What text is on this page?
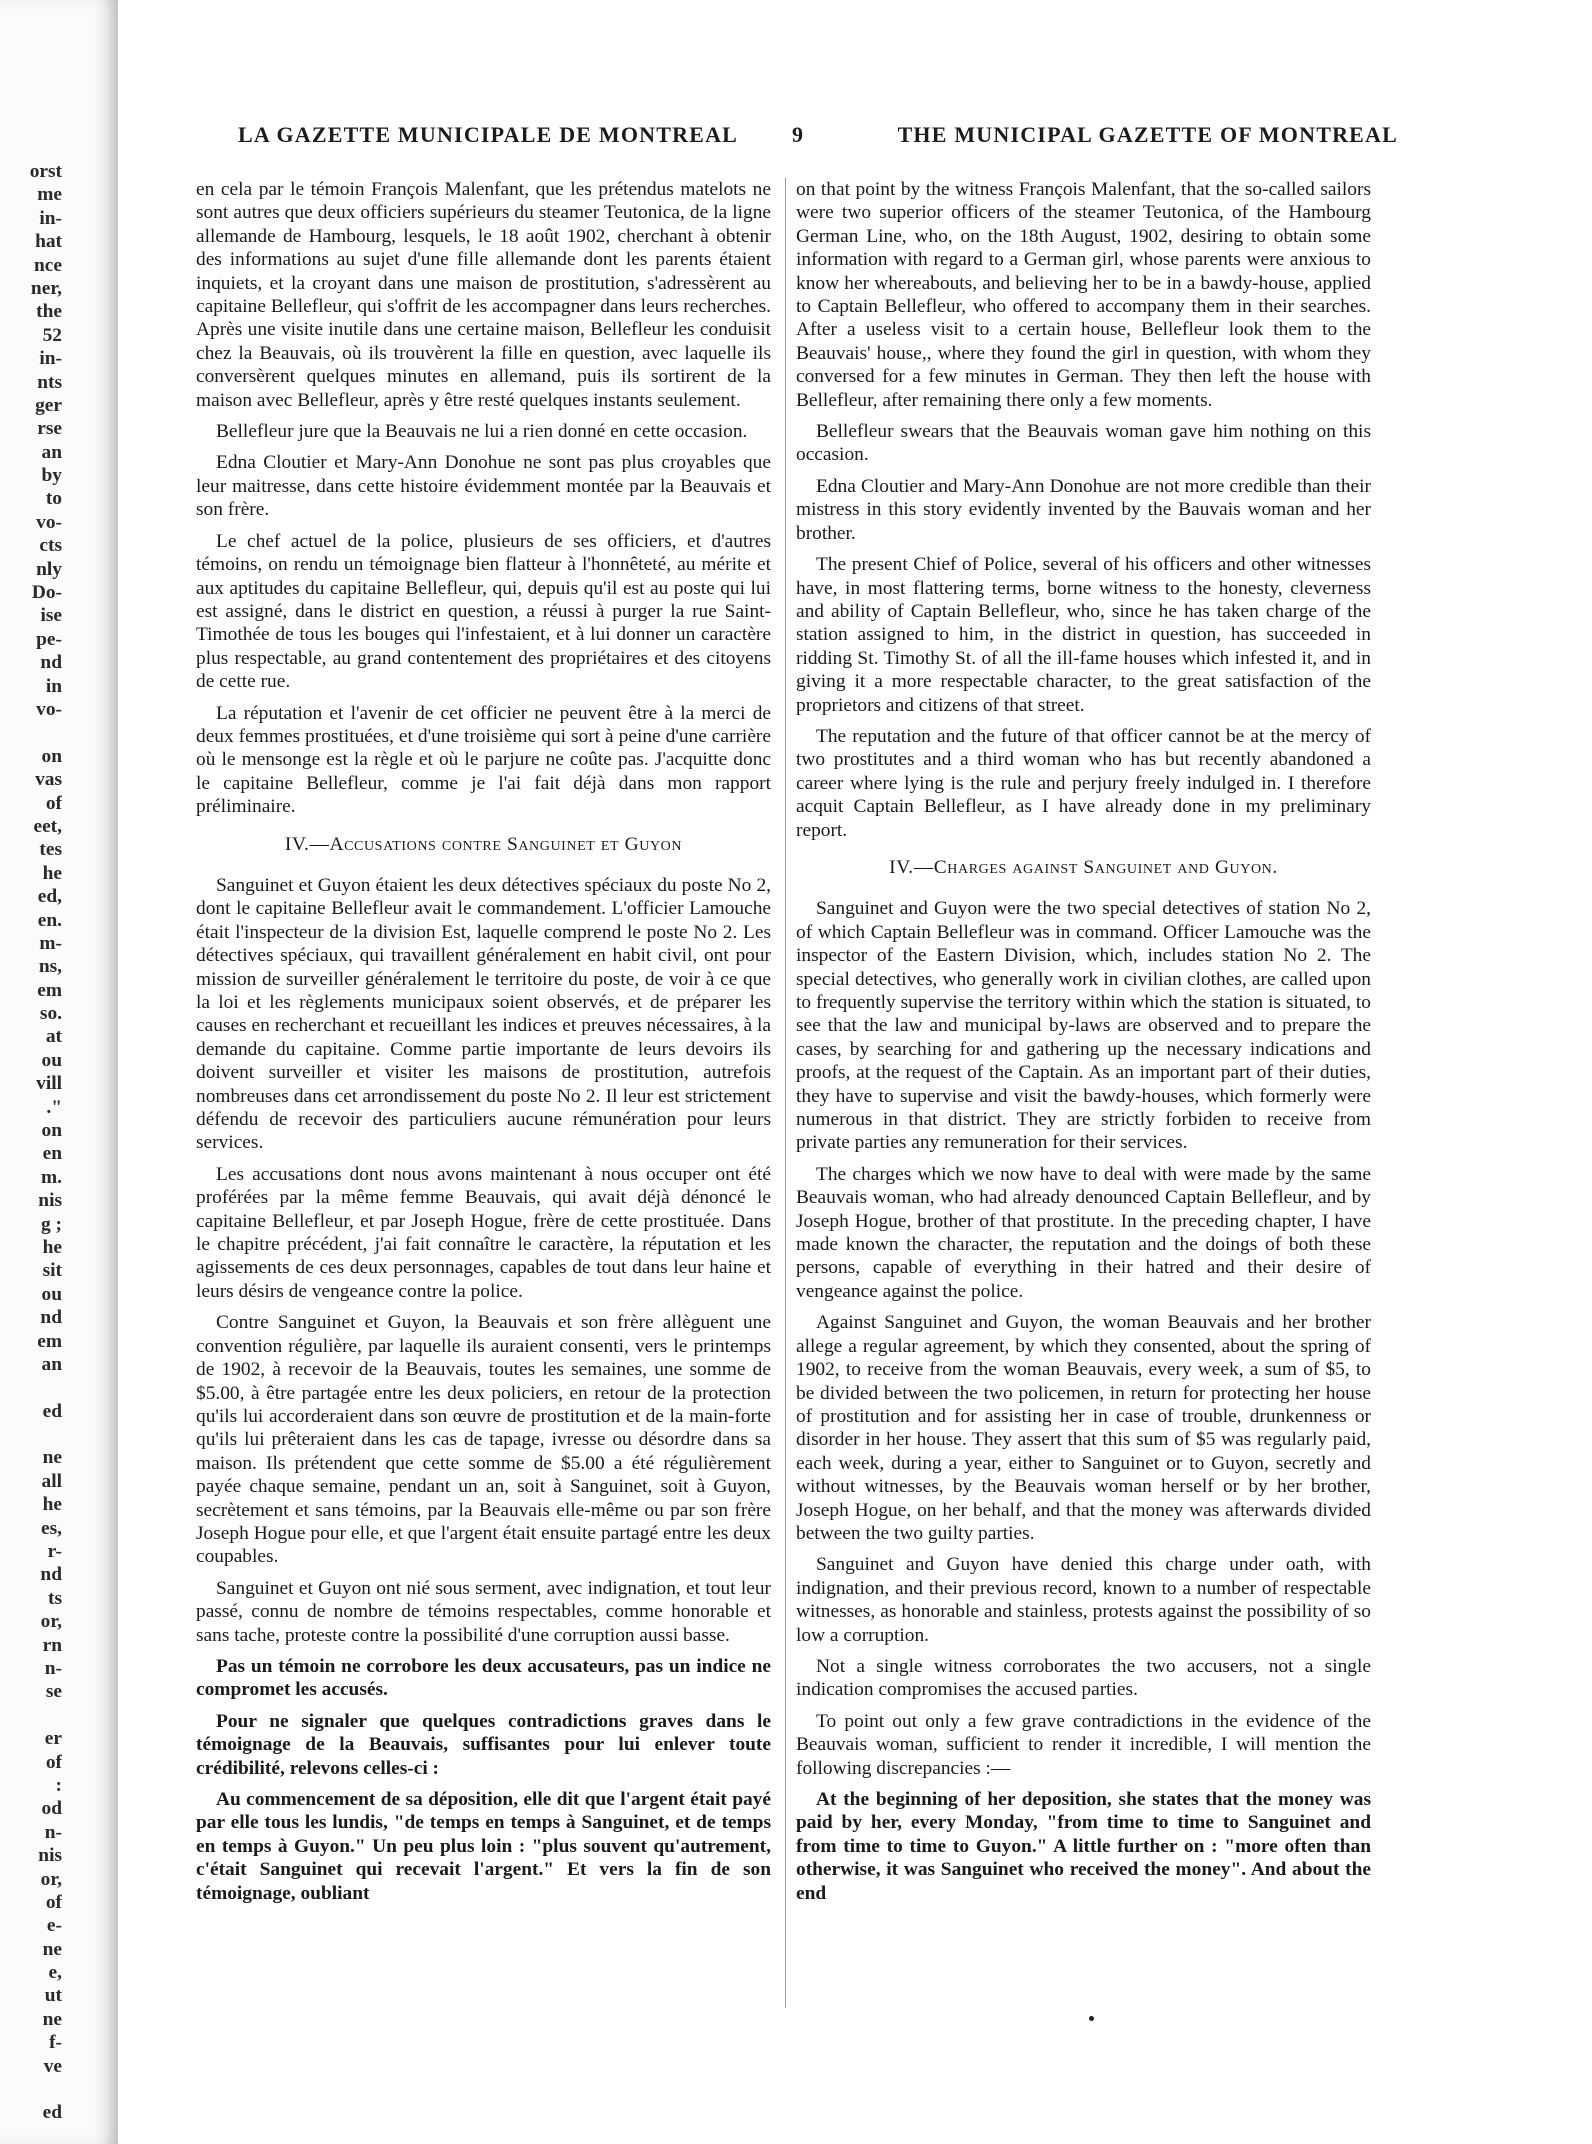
orst
me
in-
hat
nce
ner,
the
52
in-
nts
ger
rse
an
by
to
vo-
cts
nly
Do-
ise
pe-
nd
in
vo-
on
vas
of
eet,
tes
he
ed,
en.
m-
ns,
em
so.
at
ou
vill
."
on
en
m.
nis
g ;
he
sit
ou
nd
em
an
ed
ne
all
he
es,
r-
nd
ts
or,
rn
n-
se
er
of
:
od
n-
nis
or,
of
e-
ne
e,
ut
ne
f-
ve
ed
LA GAZETTE MUNICIPALE DE MONTREAL 9	THE MUNICIPAL GAZETTE OF MONTREAL

en cela par le témoin François Malenfant, que les prétendus matelots ne sont autres que deux officiers supérieurs du steamer Teutonica, de la ligne allemande de Hambourg, lesquels, le 18 août 1902, cherchant à obtenir des informations au sujet d'une fille allemande dont les parents étaient inquiets, et la croyant dans une maison de prostitution, s'adressèrent au capitaine Bellefleur, qui s'offrit de les accompagner dans leurs recherches. Après une visite inutile dans une certaine maison, Bellefleur les conduisit chez la Beauvais, où ils trouvèrent la fille en question, avec laquelle ils conversèrent quelques minutes en allemand, puis ils sortirent de la maison avec Bellefleur, après y être resté quelques instants seulement.

Bellefleur jure que la Beauvais ne lui a rien donné en cette occasion.

Edna Cloutier et Mary-Ann Donohue ne sont pas plus croyables que leur maitresse, dans cette histoire évidemment montée par la Beauvais et son frère.

Le chef actuel de la police, plusieurs de ses officiers, et d'autres témoins, on rendu un témoignage bien flatteur à l'honnêteté, au mérite et aux aptitudes du capitaine Bellefleur, qui, depuis qu'il est au poste qui lui est assigné, dans le district en question, a réussi à purger la rue Saint-Timothée de tous les bouges qui l'infestaient, et à lui donner un caractère plus respectable, au grand contentement des propriétaires et des citoyens de cette rue.

La réputation et l'avenir de cet officier ne peuvent être à la merci de deux femmes prostituées, et d'une troisième qui sort à peine d'une carrière où le mensonge est la règle et où le parjure ne coûte pas. J'acquitte donc le capitaine Bellefleur, comme je l'ai fait déjà dans mon rapport préliminaire.

IV.—Accusations contre Sanguinet et Guyon

Sanguinet et Guyon étaient les deux détectives spéciaux du poste No 2, dont le capitaine Bellefleur avait le commandement. L'officier Lamouche était l'inspecteur de la division Est, laquelle comprend le poste No 2. Les détectives spéciaux, qui travaillent généralement en habit civil, ont pour mission de surveiller généralement le territoire du poste, de voir à ce que la loi et les règlements municipaux soient observés, et de préparer les causes en recherchant et recueillant les indices et preuves nécessaires, à la demande du capitaine. Comme partie importante de leurs devoirs ils doivent surveiller et visiter les maisons de prostitution, autrefois nombreuses dans cet arrondissement du poste No 2. Il leur est strictement défendu de recevoir des particuliers aucune rémunération pour leurs services.

Les accusations dont nous avons maintenant à nous occuper ont été proférées par la même femme Beauvais, qui avait déjà dénoncé le capitaine Bellefleur, et par Joseph Hogue, frère de cette prostituée. Dans le chapitre précédent, j'ai fait connaître le caractère, la réputation et les agissements de ces deux personnages, capables de tout dans leur haine et leurs désirs de vengeance contre la police.

Contre Sanguinet et Guyon, la Beauvais et son frère allèguent une convention régulière, par laquelle ils auraient consenti, vers le printemps de 1902, à recevoir de la Beauvais, toutes les semaines, une somme de $5.00, à être partagée entre les deux policiers, en retour de la protection qu'ils lui accorderaient dans son œuvre de prostitution et de la main-forte qu'ils lui prêteraient dans les cas de tapage, ivresse ou désordre dans sa maison. Ils prétendent que cette somme de $5.00 a été régulièrement payée chaque semaine, pendant un an, soit à Sanguinet, soit à Guyon, secrètement et sans témoins, par la Beauvais elle-même ou par son frère Joseph Hogue pour elle, et que l'argent était ensuite partagé entre les deux coupables.

Sanguinet et Guyon ont nié sous serment, avec indignation, et tout leur passé, connu de nombre de témoins respectables, comme honorable et sans tache, proteste contre la possibilité d'une corruption aussi basse.

Pas un témoin ne corrobore les deux accusateurs, pas un indice ne compromet les accusés.

Pour ne signaler que quelques contradictions graves dans le témoignage de la Beauvais, suffisantes pour lui enlever toute crédibilité, relevons celles-ci :

Au commencement de sa déposition, elle dit que l'argent était payé par elle tous les lundis, "de temps en temps à Sanguinet, et de temps en temps à Guyon." Un peu plus loin : "plus souvent qu'autrement, c'était Sanguinet qui recevait l'argent." Et vers la fin de son témoignage, oubliant

on that point by the witness François Malenfant, that the so-called sailors were two superior officers of the steamer Teutonica, of the Hambourg German Line, who, on the 18th August, 1902, desiring to obtain some information with regard to a German girl, whose parents were anxious to know her whereabouts, and believing her to be in a bawdy-house, applied to Captain Bellefleur, who offered to accompany them in their searches. After a useless visit to a certain house, Bellefleur look them to the Beauvais' house,, where they found the girl in question, with whom they conversed for a few minutes in German. They then left the house with Bellefleur, after remaining there only a few moments.

Bellefleur swears that the Beauvais woman gave him nothing on this occasion.

Edna Cloutier and Mary-Ann Donohue are not more credible than their mistress in this story evidently invented by the Bauvais woman and her brother.

The present Chief of Police, several of his officers and other witnesses have, in most flattering terms, borne witness to the honesty, cleverness and ability of Captain Bellefleur, who, since he has taken charge of the station assigned to him, in the district in question, has succeeded in ridding St. Timothy St. of all the ill-fame houses which infested it, and in giving it a more respectable character, to the great satisfaction of the proprietors and citizens of that street.

The reputation and the future of that officer cannot be at the mercy of two prostitutes and a third woman who has but recently abandoned a career where lying is the rule and perjury freely indulged in. I therefore acquit Captain Bellefleur, as I have already done in my preliminary report.

IV.—Charges against Sanguinet and Guyon.

Sanguinet and Guyon were the two special detectives of station No 2, of which Captain Bellefleur was in command. Officer Lamouche was the inspector of the Eastern Division, which, includes station No 2. The special detectives, who generally work in civilian clothes, are called upon to frequently supervise the territory within which the station is situated, to see that the law and municipal by-laws are observed and to prepare the cases, by searching for and gathering up the necessary indications and proofs, at the request of the Captain. As an important part of their duties, they have to supervise and visit the bawdy-houses, which formerly were numerous in that district. They are strictly forbiden to receive from private parties any remuneration for their services.

The charges which we now have to deal with were made by the same Beauvais woman, who had already denounced Captain Bellefleur, and by Joseph Hogue, brother of that prostitute. In the preceding chapter, I have made known the character, the reputation and the doings of both these persons, capable of everything in their hatred and their desire of vengeance against the police.

Against Sanguinet and Guyon, the woman Beauvais and her brother allege a regular agreement, by which they consented, about the spring of 1902, to receive from the woman Beauvais, every week, a sum of $5, to be divided between the two policemen, in return for protecting her house of prostitution and for assisting her in case of trouble, drunkenness or disorder in her house. They assert that this sum of $5 was regularly paid, each week, during a year, either to Sanguinet or to Guyon, secretly and without witnesses, by the Beauvais woman herself or by her brother, Joseph Hogue, on her behalf, and that the money was afterwards divided between the two guilty parties.

Sanguinet and Guyon have denied this charge under oath, with indignation, and their previous record, known to a number of respectable witnesses, as honorable and stainless, protests against the possibility of so low a corruption.

Not a single witness corroborates the two accusers, not a single indication compromises the accused parties.

To point out only a few grave contradictions in the evidence of the Beauvais woman, sufficient to render it incredible, I will mention the following discrepancies :—

At the beginning of her deposition, she states that the money was paid by her, every Monday, "from time to time to Sanguinet and from time to time to Guyon." A little further on : "more often than otherwise, it was Sanguinet who received the money". And about the end
